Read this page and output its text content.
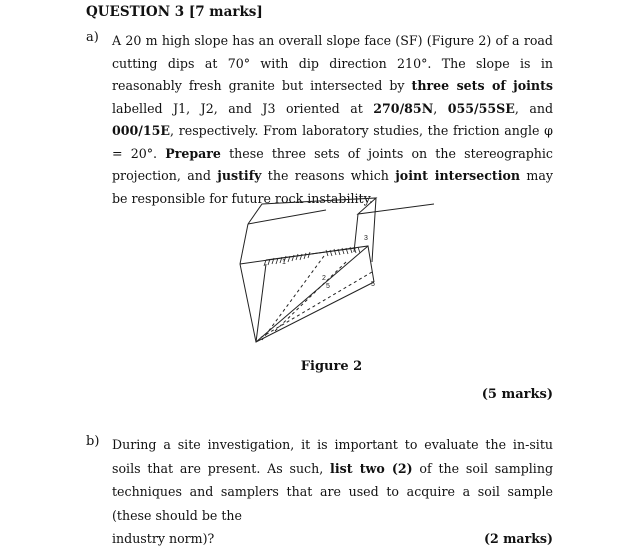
QUESTION 3 [7 marks]
a) A 20 m high slope has an overall slope face (SF) (Figure 2) of a road cutting dips at 70° with dip direction 210°. The slope is in reasonably fresh granite but intersected by three sets of joints labelled J1, J2, and J3 oriented at 270/85N, 055/55SE, and 000/15E, respectively. From laboratory studies, the friction angle φ = 20°. Prepare these three sets of joints on the stereographic projection, and justify the reasons which joint intersection may be responsible for future rock instability.
1
2
3
5	5
Figure 2
(5 marks)
b) During a site investigation, it is important to evaluate the in-situ soils that are present. As such, list two (2) of the soil sampling techniques and samplers that are used to acquire a soil sample (these should be the
industry norm)?	(2 marks)
